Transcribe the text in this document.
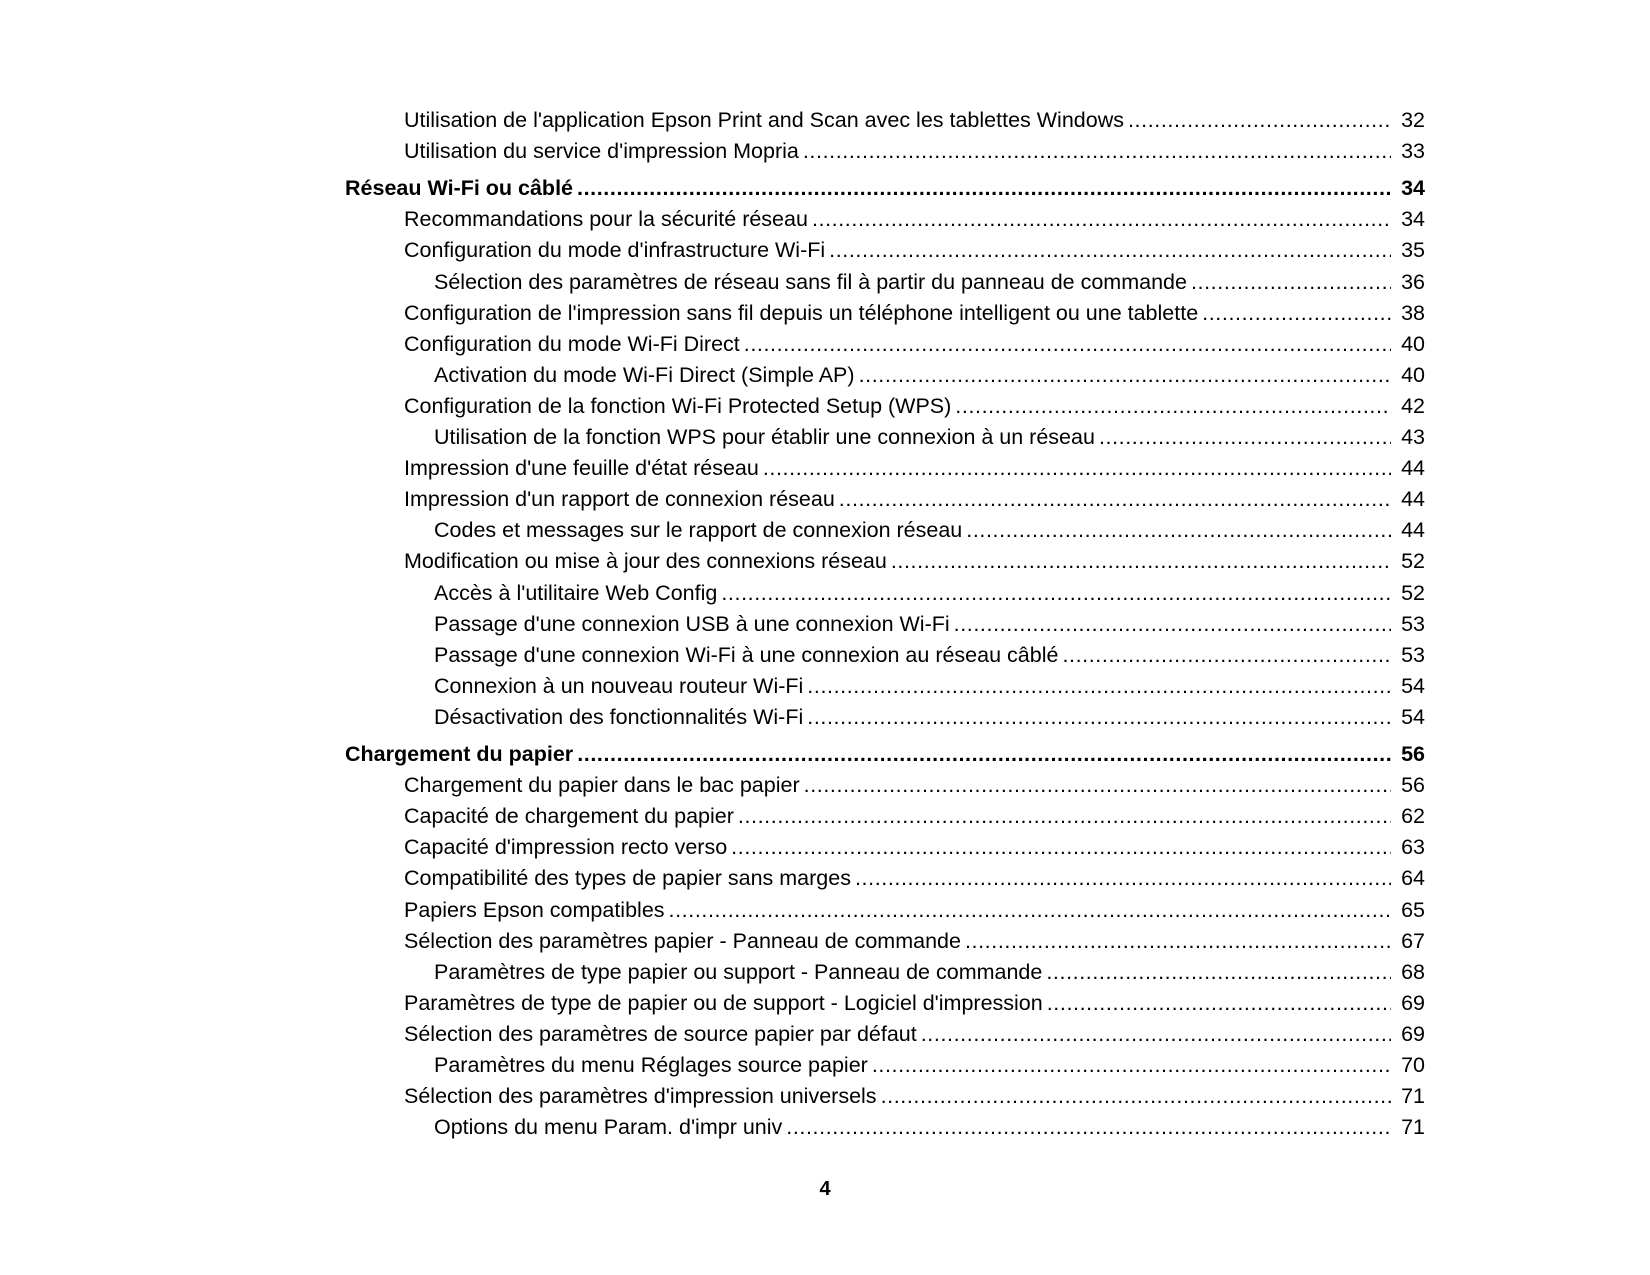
Utilisation de l'application Epson Print and Scan avec les tablettes Windows .....	32
Utilisation du service d'impression Mopria .....	33
Réseau Wi-Fi ou câblé .....	34
Recommandations pour la sécurité réseau .....	34
Configuration du mode d'infrastructure Wi-Fi .....	35
Sélection des paramètres de réseau sans fil à partir du panneau de commande .....	36
Configuration de l'impression sans fil depuis un téléphone intelligent ou une tablette .....	38
Configuration du mode Wi-Fi Direct .....	40
Activation du mode Wi-Fi Direct (Simple AP) .....	40
Configuration de la fonction Wi-Fi Protected Setup (WPS) .....	42
Utilisation de la fonction WPS pour établir une connexion à un réseau .....	43
Impression d'une feuille d'état réseau .....	44
Impression d'un rapport de connexion réseau .....	44
Codes et messages sur le rapport de connexion réseau .....	44
Modification ou mise à jour des connexions réseau .....	52
Accès à l'utilitaire Web Config .....	52
Passage d'une connexion USB à une connexion Wi-Fi .....	53
Passage d'une connexion Wi-Fi à une connexion au réseau câblé .....	53
Connexion à un nouveau routeur Wi-Fi .....	54
Désactivation des fonctionnalités Wi-Fi .....	54
Chargement du papier .....	56
Chargement du papier dans le bac papier .....	56
Capacité de chargement du papier .....	62
Capacité d'impression recto verso .....	63
Compatibilité des types de papier sans marges .....	64
Papiers Epson compatibles .....	65
Sélection des paramètres papier - Panneau de commande .....	67
Paramètres de type papier ou support - Panneau de commande .....	68
Paramètres de type de papier ou de support - Logiciel d'impression .....	69
Sélection des paramètres de source papier par défaut .....	69
Paramètres du menu Réglages source papier .....	70
Sélection des paramètres d'impression universels .....	71
Options du menu Param. d'impr univ .....	71
4
